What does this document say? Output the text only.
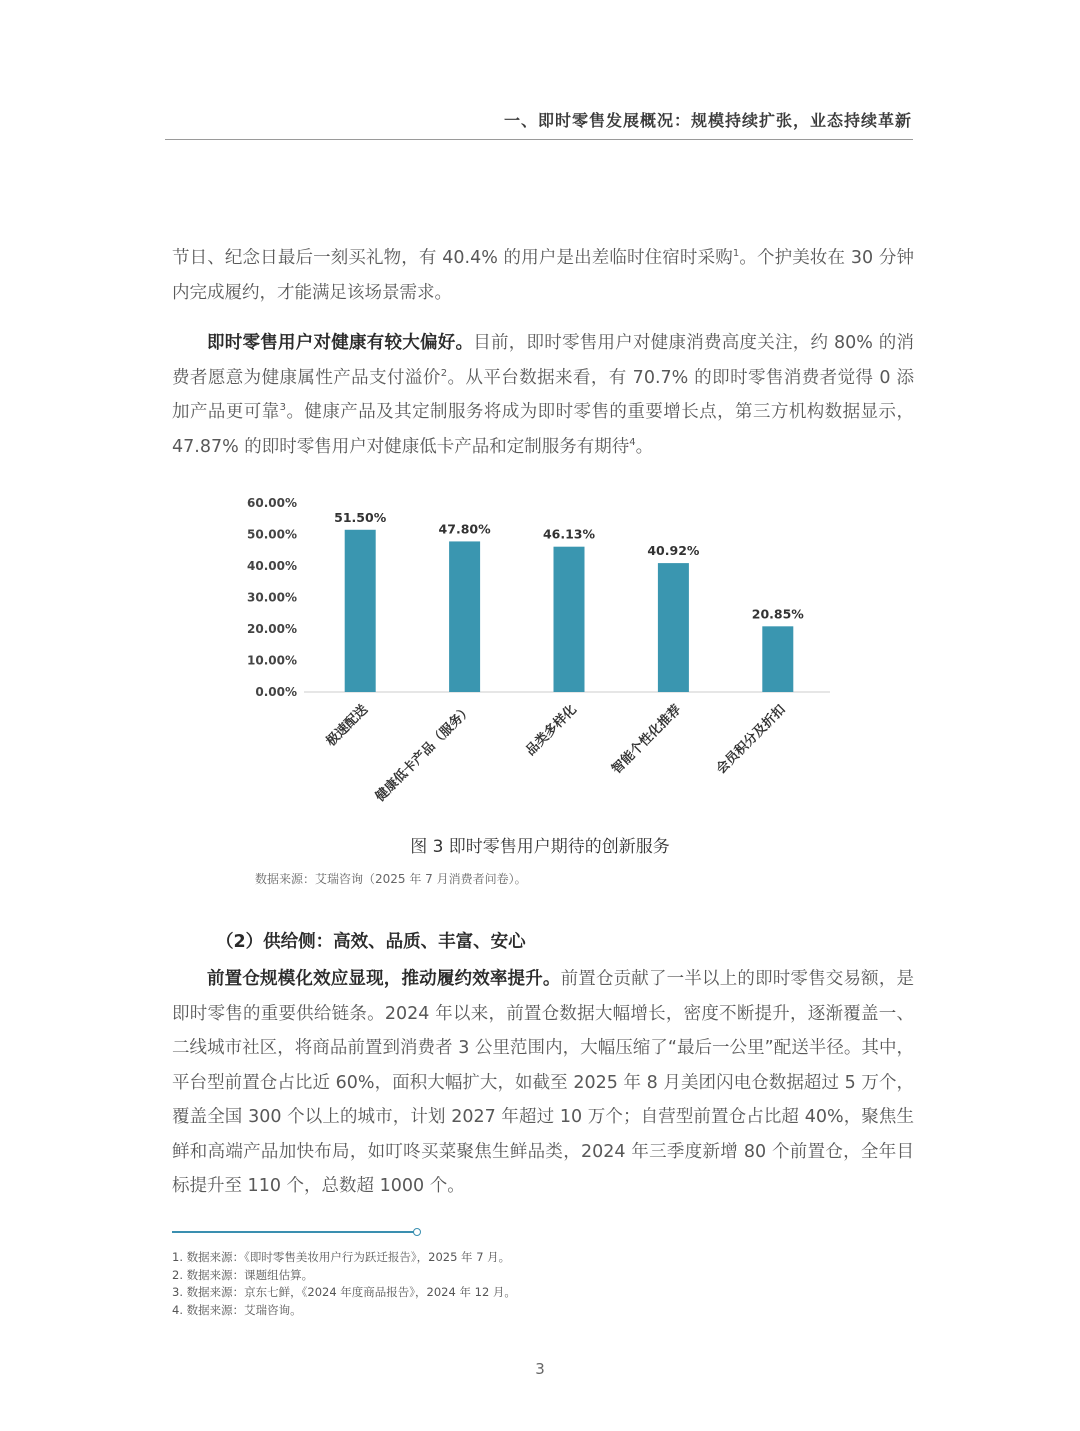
一、即时零售发展概况：规模持续扩张，业态持续革新
节日、纪念日最后一刻买礼物，有 40.4% 的用户是出差临时住宿时采购$^1$。个护美妆在 30 分钟内完成履约，才能满足该场景需求。
即时零售用户对健康有较大偏好。目前，即时零售用户对健康消费高度关注，约 80% 的消费者愿意为健康属性产品支付溢价$^2$。从平台数据来看，有 70.7% 的即时零售消费者觉得 0 添加产品更可靠$^3$。健康产品及其定制服务将成为即时零售的重要增长点，第三方机构数据显示，47.87% 的即时零售用户对健康低卡产品和定制服务有期待$^4$。
0.00%
10.00%
20.00%
30.00%
40.00%
50.00%
60.00%
51.50%
极速配送
47.80%
健康低卡产品（服务）
46.13%
品类多样化
40.92%
智能个性化推荐
20.85%
会员积分及折扣
图 3 即时零售用户期待的创新服务
数据来源：艾瑞咨询（2025 年 7 月消费者问卷）。
（2）供给侧：高效、品质、丰富、安心
前置仓规模化效应显现，推动履约效率提升。前置仓贡献了一半以上的即时零售交易额，是即时零售的重要供给链条。2024 年以来，前置仓数据大幅增长，密度不断提升，逐渐覆盖一、二线城市社区，将商品前置到消费者 3 公里范围内，大幅压缩了“最后一公里”配送半径。其中，平台型前置仓占比近 60%，面积大幅扩大，如截至 2025 年 8 月美团闪电仓数据超过 5 万个，覆盖全国 300 个以上的城市，计划 2027 年超过 10 万个；自营型前置仓占比超 40%，聚焦生鲜和高端产品加快布局，如叮咚买菜聚焦生鲜品类，2024 年三季度新增 80 个前置仓，全年目标提升至 110 个，总数超 1000 个。
1. 数据来源：《即时零售美妆用户行为跃迁报告》，2025 年 7 月。
2. 数据来源：课题组估算。
3. 数据来源：京东七鲜，《2024 年度商品报告》，2024 年 12 月。
4. 数据来源：艾瑞咨询。
3
